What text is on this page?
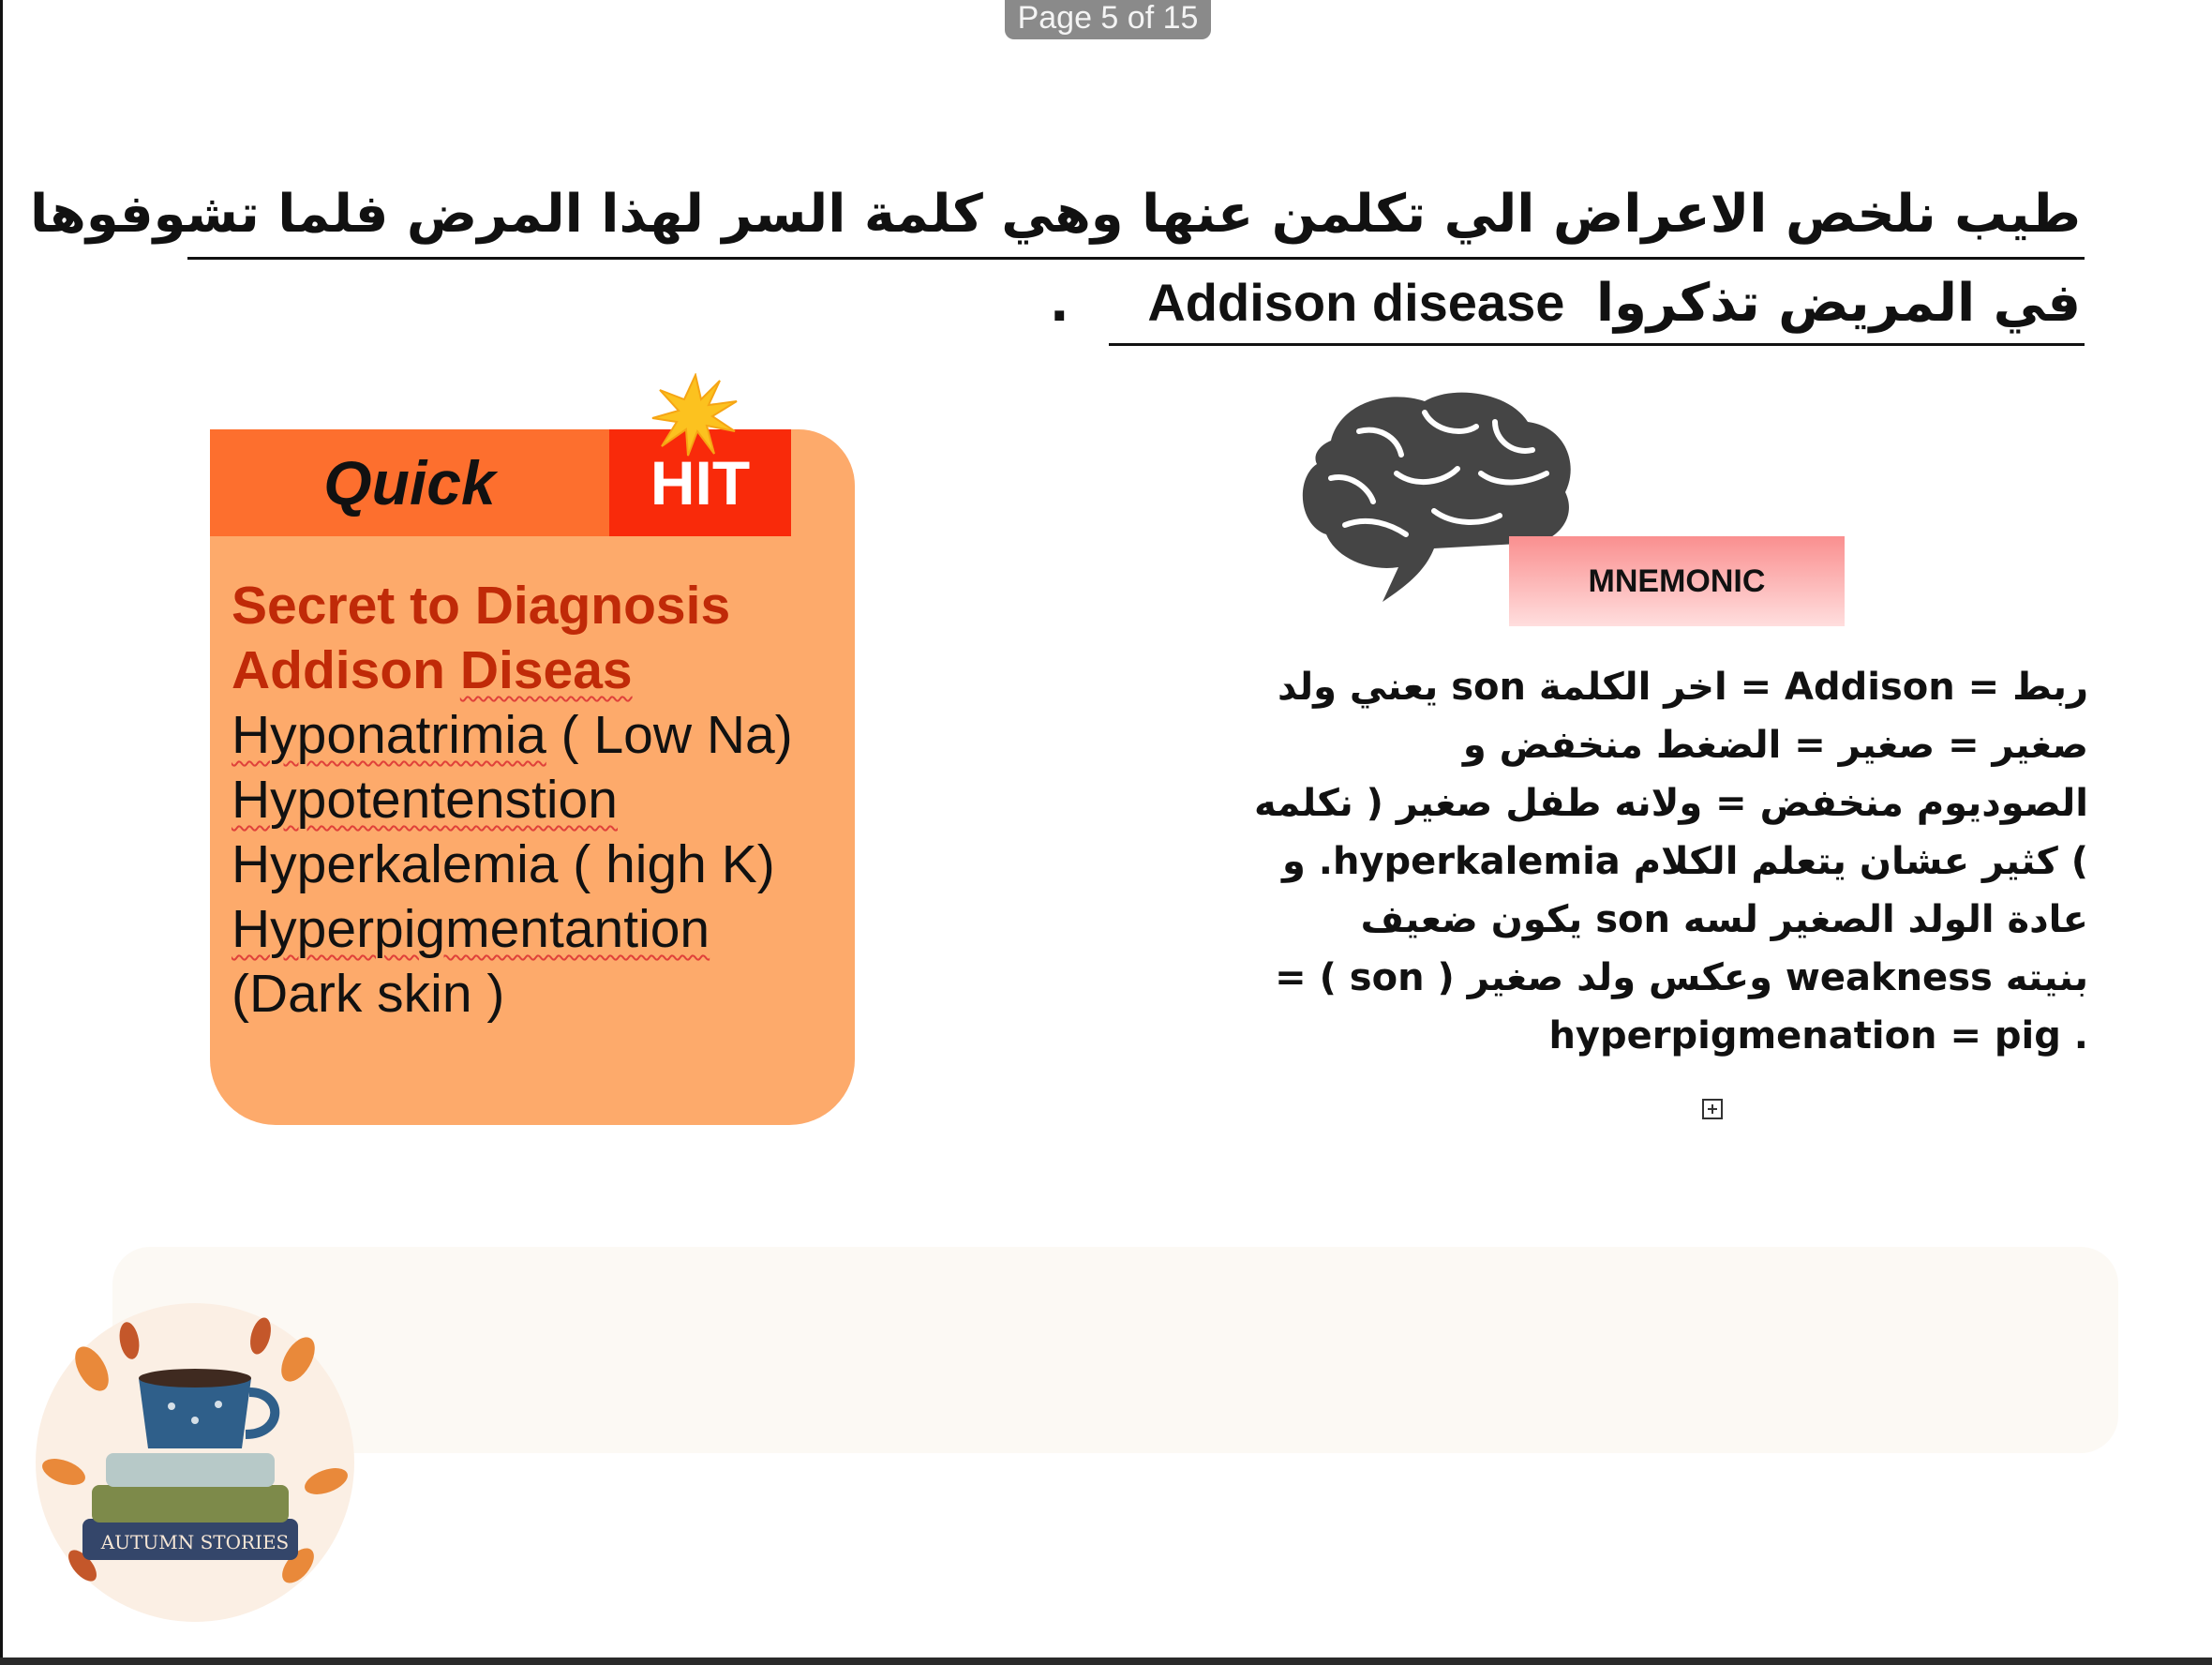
Page 5 of 15
طيب نلخص الاعراض الي تكلمن عنها وهي كلمة السر لهذا المرض فلما تشوفوها
في المريض تذكروا Addison disease .
Quick	HIT
Secret to Diagnosis
Addison Diseas
Hyponatrimia ( Low Na)
Hypotentenstion
Hyperkalemia ( high K)
Hyperpigmentantion
(Dark skin )
MNEMONIC
ربط = Addison = اخر الكلمة son يعني ولد
صغير = صغير = الضغط منخفض و
الصوديوم منخفض = ولانه طفل صغير ( نكلمه
) كثير عشان يتعلم الكلام hyperkalemia. و
عادة الولد الصغير لسه son يكون ضعيف
بنيته weakness وعكس ولد صغير ( son ) =
. hyperpigmenation = pig
AUTUMN STORIES
